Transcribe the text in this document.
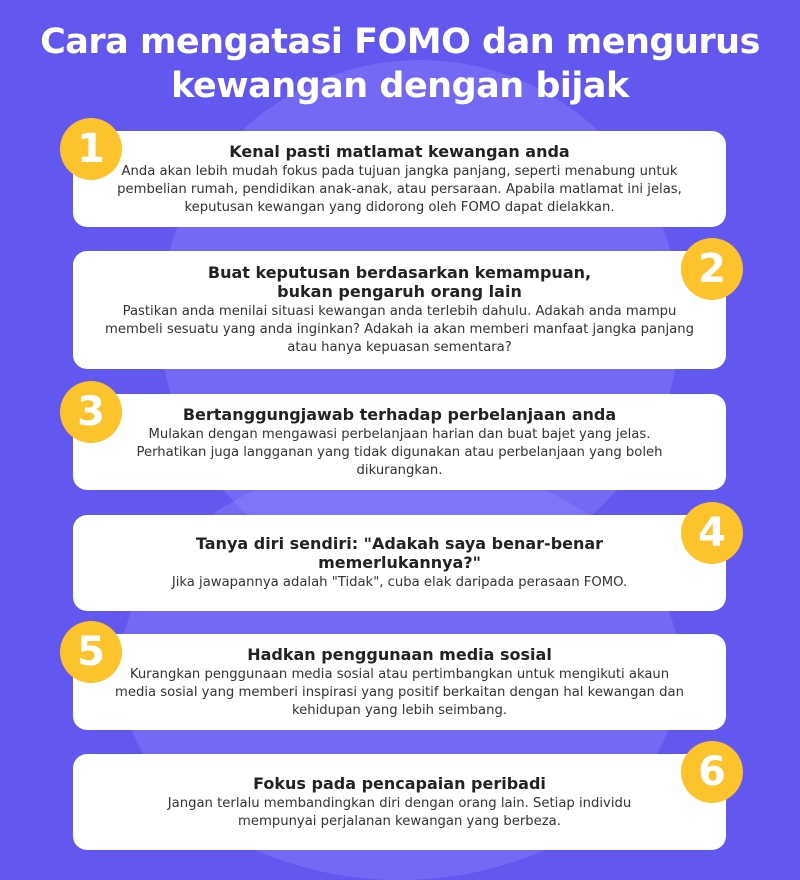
Cara mengatasi FOMO dan mengurus
kewangan dengan bijak
Kenal pasti matlamat kewangan anda

Anda akan lebih mudah fokus pada tujuan jangka panjang, seperti menabung untuk pembelian rumah, pendidikan anak-anak, atau persaraan. Apabila matlamat ini jelas, keputusan kewangan yang didorong oleh FOMO dapat dielakkan.

1
Buat keputusan berdasarkan kemampuan, bukan pengaruh orang lain

Pastikan anda menilai situasi kewangan anda terlebih dahulu. Adakah anda mampu membeli sesuatu yang anda inginkan? Adakah ia akan memberi manfaat jangka panjang atau hanya kepuasan sementara?

2
Bertanggungjawab terhadap perbelanjaan anda

Mulakan dengan mengawasi perbelanjaan harian dan buat bajet yang jelas. Perhatikan juga langganan yang tidak digunakan atau perbelanjaan yang boleh dikurangkan.

3
Tanya diri sendiri: "Adakah saya benar-benar memerlukannya?"

Jika jawapannya adalah "Tidak", cuba elak daripada perasaan FOMO.

4
Hadkan penggunaan media sosial

Kurangkan penggunaan media sosial atau pertimbangkan untuk mengikuti akaun media sosial yang memberi inspirasi yang positif berkaitan dengan hal kewangan dan kehidupan yang lebih seimbang.

5
Fokus pada pencapaian peribadi

Jangan terlalu membandingkan diri dengan orang lain. Setiap individu mempunyai perjalanan kewangan yang berbeza.

6
